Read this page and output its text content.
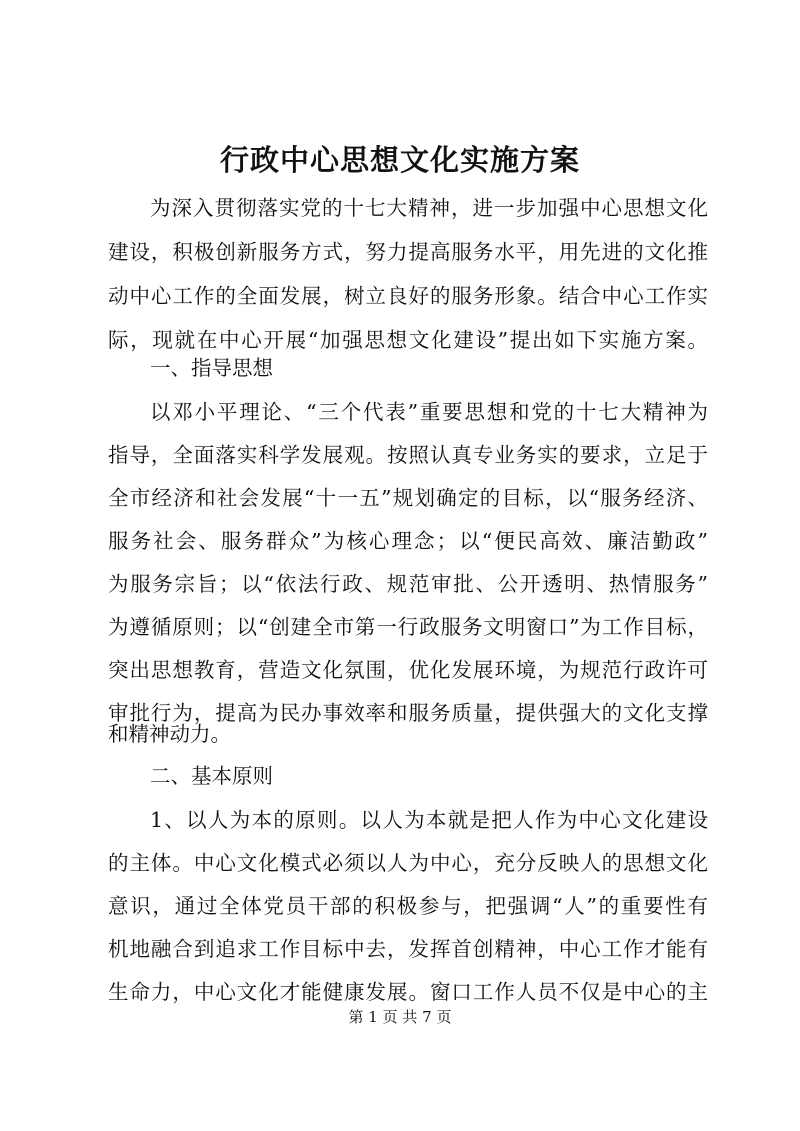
行政中心思想文化实施方案
为深入贯彻落实党的十七大精神，进一步加强中心思想文化
建设，积极创新服务方式，努力提高服务水平，用先进的文化推
动中心工作的全面发展，树立良好的服务形象。结合中心工作实
际，现就在中心开展“加强思想文化建设”提出如下实施方案。
一、指导思想
以邓小平理论、“三个代表”重要思想和党的十七大精神为
指导，全面落实科学发展观。按照认真专业务实的要求，立足于
全市经济和社会发展“十一五”规划确定的目标，以“服务经济、
服务社会、服务群众”为核心理念；以“便民高效、廉洁勤政”
为服务宗旨；以“依法行政、规范审批、公开透明、热情服务”
为遵循原则；以“创建全市第一行政服务文明窗口”为工作目标，
突出思想教育，营造文化氛围，优化发展环境，为规范行政许可
审批行为，提高为民办事效率和服务质量，提供强大的文化支撑
和精神动力。
二、基本原则
1、以人为本的原则。以人为本就是把人作为中心文化建设
的主体。中心文化模式必须以人为中心，充分反映人的思想文化
意识，通过全体党员干部的积极参与，把强调“人”的重要性有
机地融合到追求工作目标中去，发挥首创精神，中心工作才能有
生命力，中心文化才能健康发展。窗口工作人员不仅是中心的主
第 1 页 共 7 页
